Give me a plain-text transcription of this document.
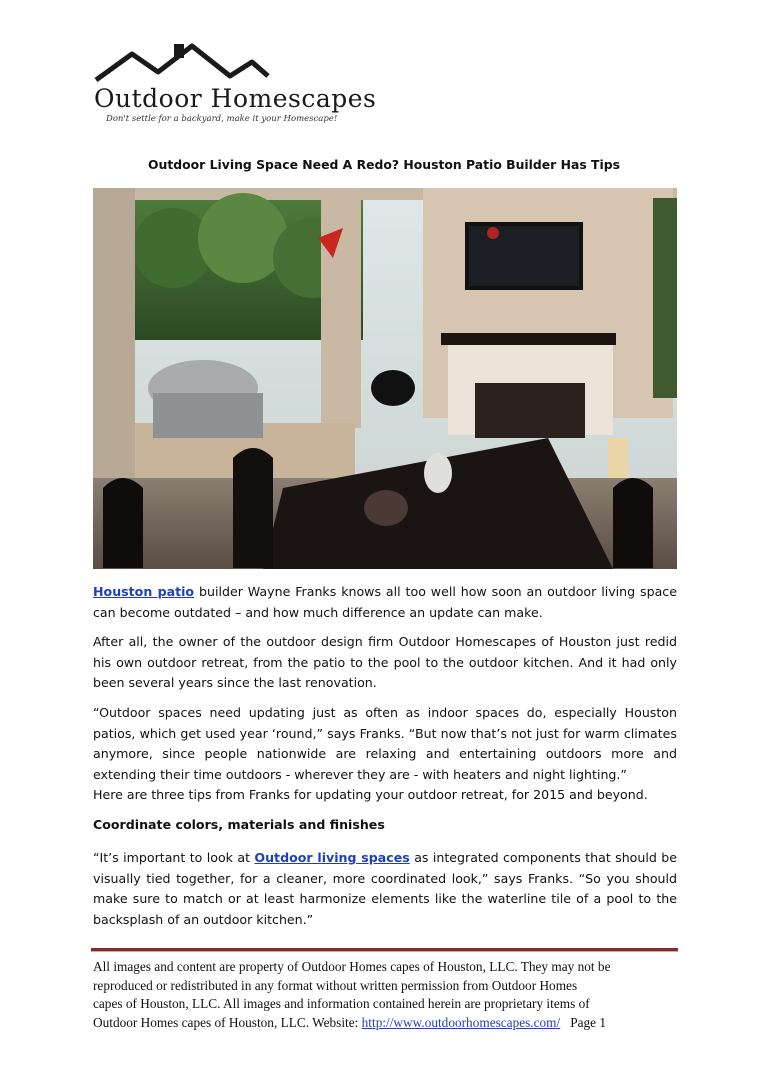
Outdoor Homescapes
Don't settle for a backyard, make it your Homescape!
Outdoor Living Space Need A Redo? Houston Patio Builder Has Tips

Houston patio builder Wayne Franks knows all too well how soon an outdoor living space can become outdated – and how much difference an update can make.

After all, the owner of the outdoor design firm Outdoor Homescapes of Houston just redid his own outdoor retreat, from the patio to the pool to the outdoor kitchen. And it had only been several years since the last renovation.

“Outdoor spaces need updating just as often as indoor spaces do, especially Houston patios, which get used year ‘round,” says Franks. “But now that’s not just for warm climates anymore, since people nationwide are relaxing and entertaining outdoors more and extending their time outdoors - wherever they are - with heaters and night lighting.”

Here are three tips from Franks for updating your outdoor retreat, for 2015 and beyond.

Coordinate colors, materials and finishes

“It’s important to look at Outdoor living spaces as integrated components that should be visually tied together, for a cleaner, more coordinated look,” says Franks. “So you should make sure to match or at least harmonize elements like the waterline tile of a pool to the backsplash of an outdoor kitchen.”

All images and content are property of Outdoor Homes capes of Houston, LLC. They may not be
reproduced or redistributed in any format without written permission from Outdoor Homes
capes of Houston, LLC. All images and information contained herein are proprietary items of
Outdoor Homes capes of Houston, LLC. Website: http://www.outdoorhomescapes.com/ Page 1
